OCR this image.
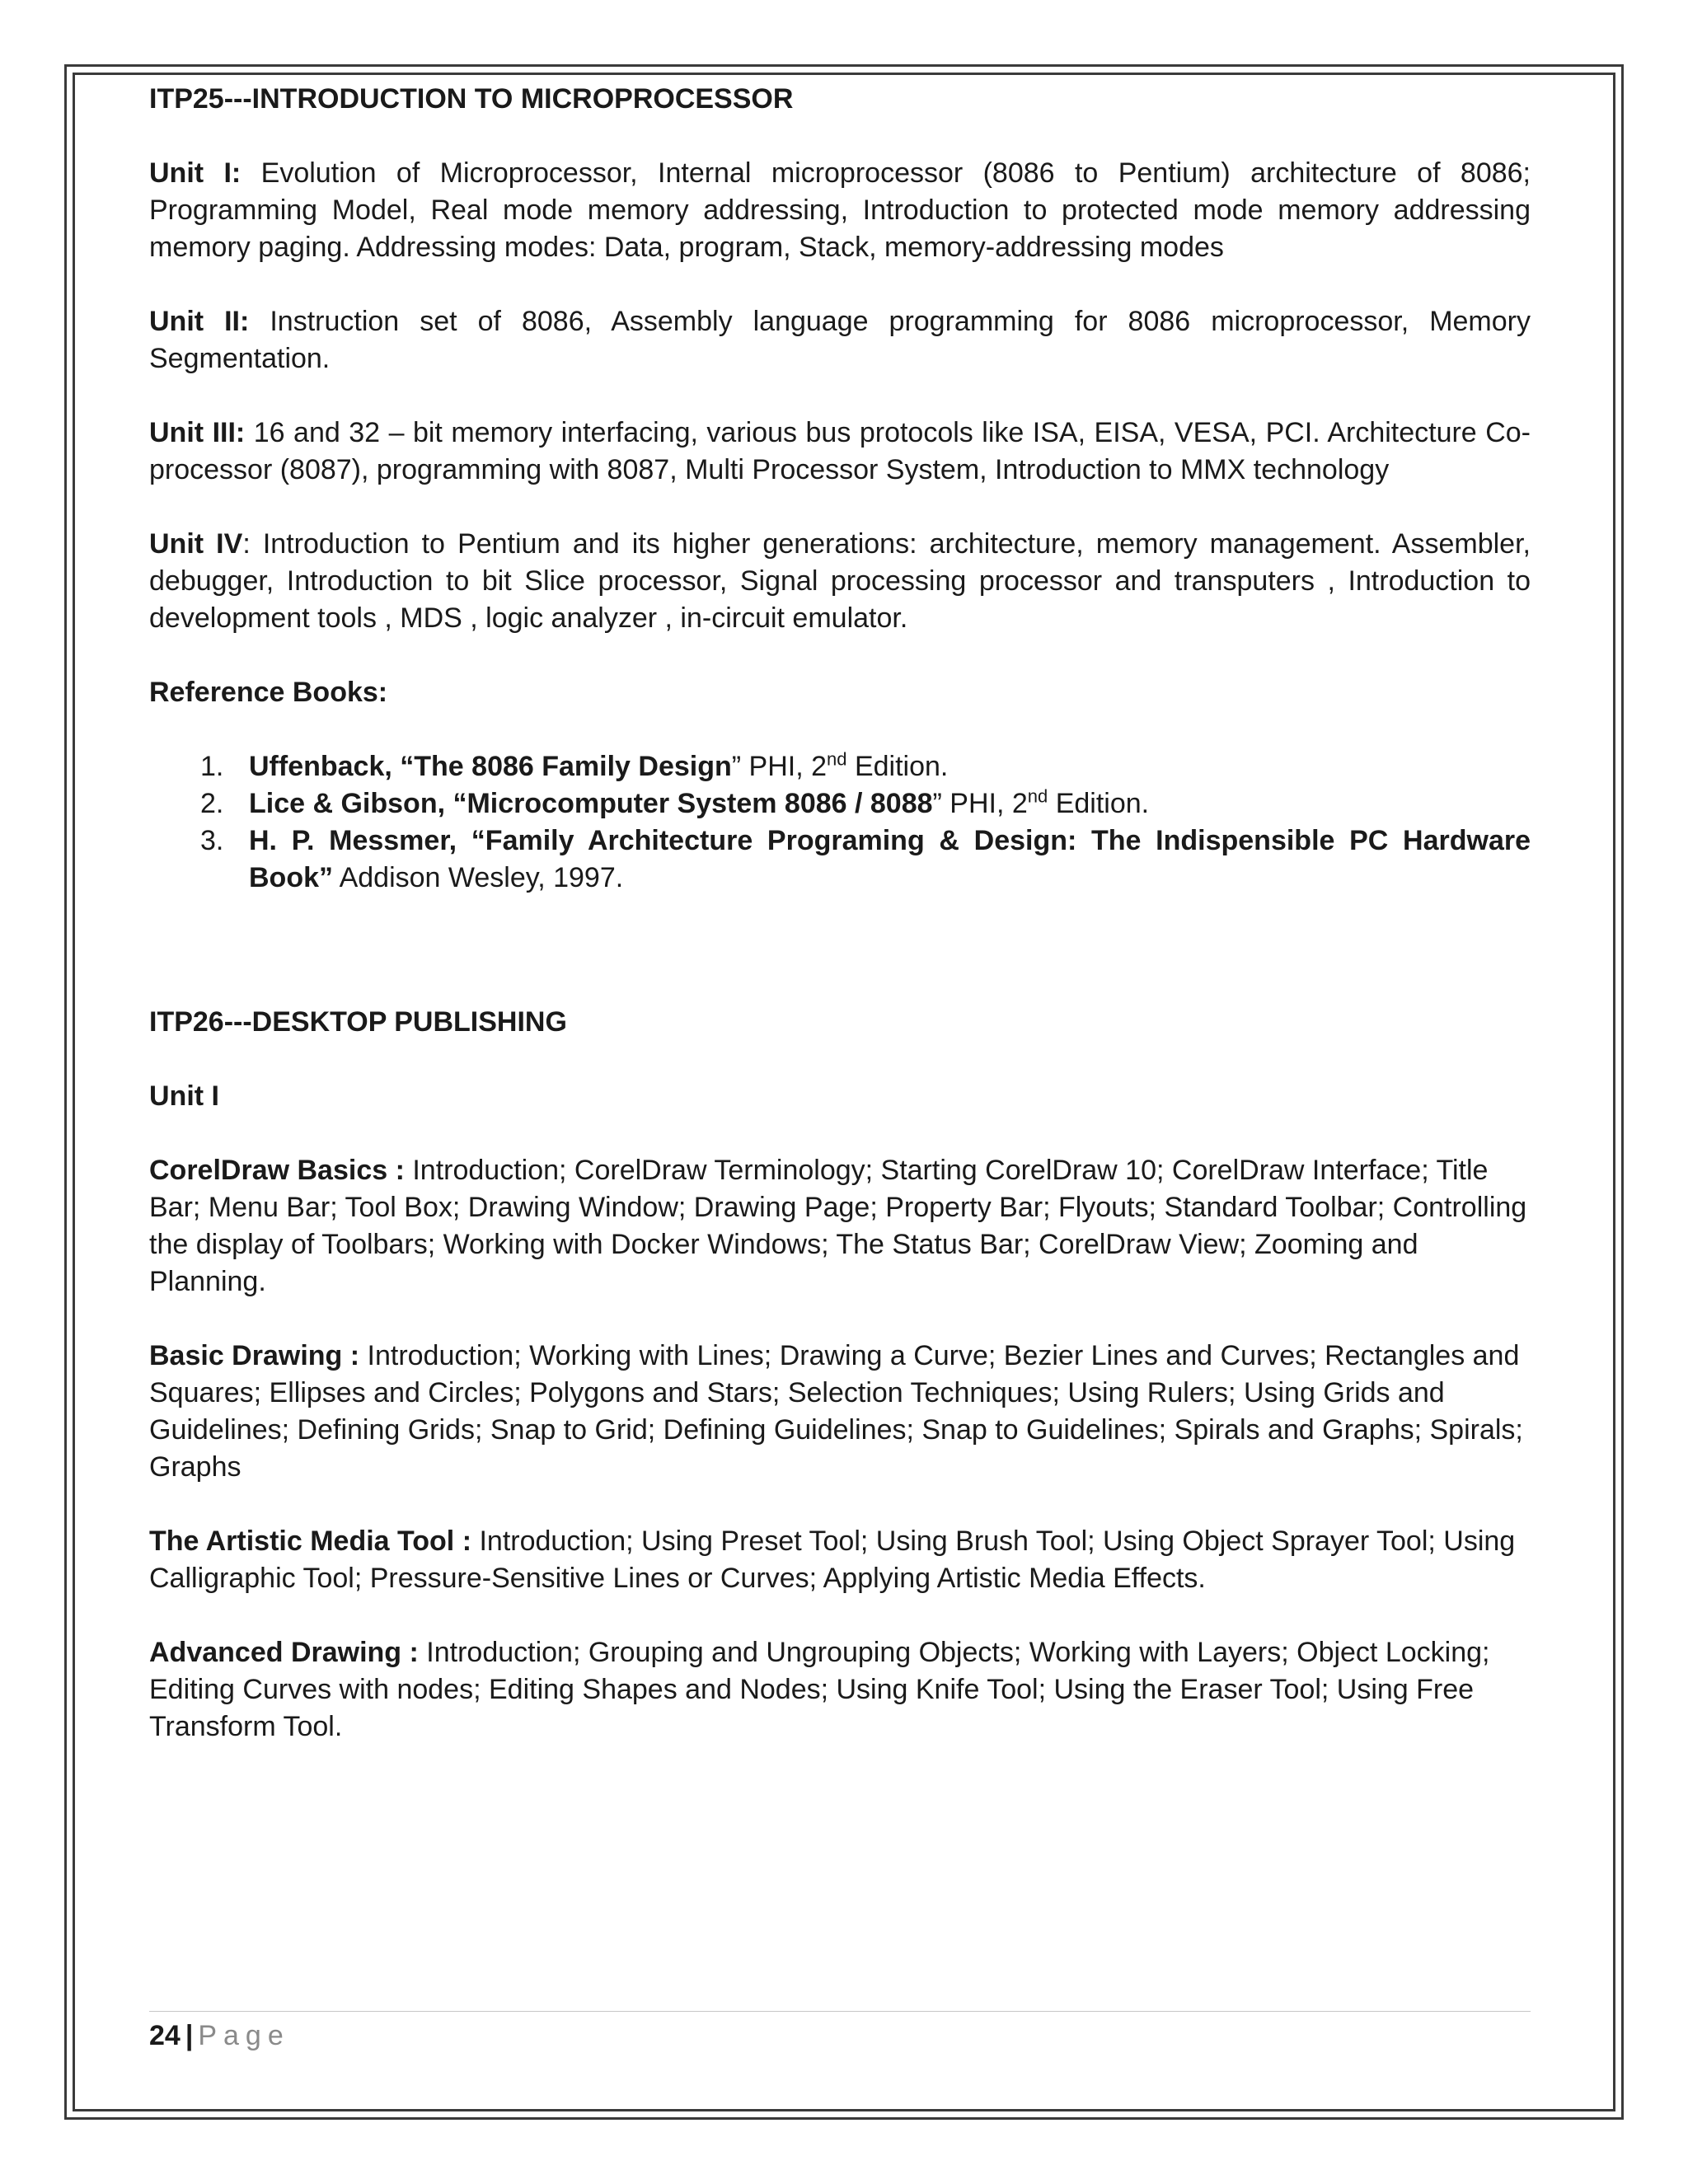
ITP25---INTRODUCTION TO MICROPROCESSOR

Unit I: Evolution of Microprocessor, Internal microprocessor (8086 to Pentium) architecture of 8086; Programming Model, Real mode memory addressing, Introduction to protected mode memory addressing memory paging. Addressing modes: Data, program, Stack, memory-addressing modes

Unit II: Instruction set of 8086, Assembly language programming for 8086 microprocessor, Memory Segmentation.

Unit III: 16 and 32 – bit memory interfacing, various bus protocols like ISA, EISA, VESA, PCI. Architecture Co-processor (8087), programming with 8087, Multi Processor System, Introduction to MMX technology

Unit IV: Introduction to Pentium and its higher generations: architecture, memory management. Assembler, debugger, Introduction to bit Slice processor, Signal processing processor and transputers , Introduction to development tools , MDS , logic analyzer , in-circuit emulator.

Reference Books:

1. Uffenback, “The 8086 Family Design” PHI, 2nd Edition.
2. Lice & Gibson, “Microcomputer System 8086 / 8088” PHI, 2nd Edition.
3. H. P. Messmer, “Family Architecture Programing & Design: The Indispensible PC Hardware Book” Addison Wesley, 1997.

ITP26---DESKTOP PUBLISHING

Unit I

CorelDraw Basics : Introduction; CorelDraw Terminology; Starting CorelDraw 10; CorelDraw Interface; Title Bar; Menu Bar; Tool Box; Drawing Window; Drawing Page; Property Bar; Flyouts; Standard Toolbar; Controlling the display of Toolbars; Working with Docker Windows; The Status Bar; CorelDraw View; Zooming and Planning.

Basic Drawing : Introduction; Working with Lines; Drawing a Curve; Bezier Lines and Curves; Rectangles and Squares; Ellipses and Circles; Polygons and Stars; Selection Techniques; Using Rulers; Using Grids and Guidelines; Defining Grids; Snap to Grid; Defining Guidelines; Snap to Guidelines; Spirals and Graphs; Spirals; Graphs

The Artistic Media Tool : Introduction; Using Preset Tool; Using Brush Tool; Using Object Sprayer Tool; Using Calligraphic Tool; Pressure-Sensitive Lines or Curves; Applying Artistic Media Effects.

Advanced Drawing : Introduction; Grouping and Ungrouping Objects; Working with Layers; Object Locking; Editing Curves with nodes; Editing Shapes and Nodes; Using Knife Tool; Using the Eraser Tool; Using Free Transform Tool.

24 | Page
